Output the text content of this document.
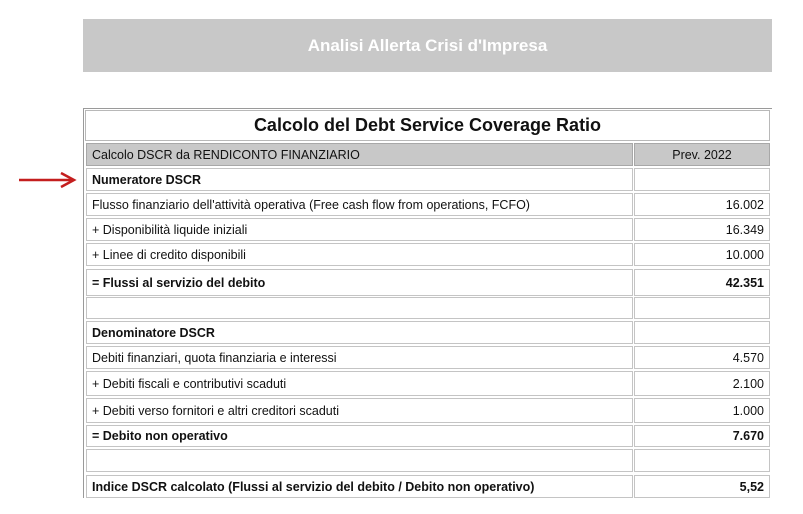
Analisi Allerta Crisi d'Impresa
Calcolo del Debt Service Coverage Ratio
Calcolo DSCR da RENDICONTO FINANZIARIO	Prev. 2022
Numeratore DSCR
Flusso finanziario dell'attività operativa (Free cash flow from operations, FCFO)	16.002
+ Disponibilità liquide iniziali	16.349
+ Linee di credito disponibili	10.000
= Flussi al servizio del debito	42.351
Denominatore DSCR
Debiti finanziari, quota finanziaria e interessi	4.570
+ Debiti fiscali e contributivi scaduti	2.100
+ Debiti verso fornitori e altri creditori scaduti	1.000
= Debito non operativo	7.670
Indice DSCR calcolato (Flussi al servizio del debito / Debito non operativo)	5,52
